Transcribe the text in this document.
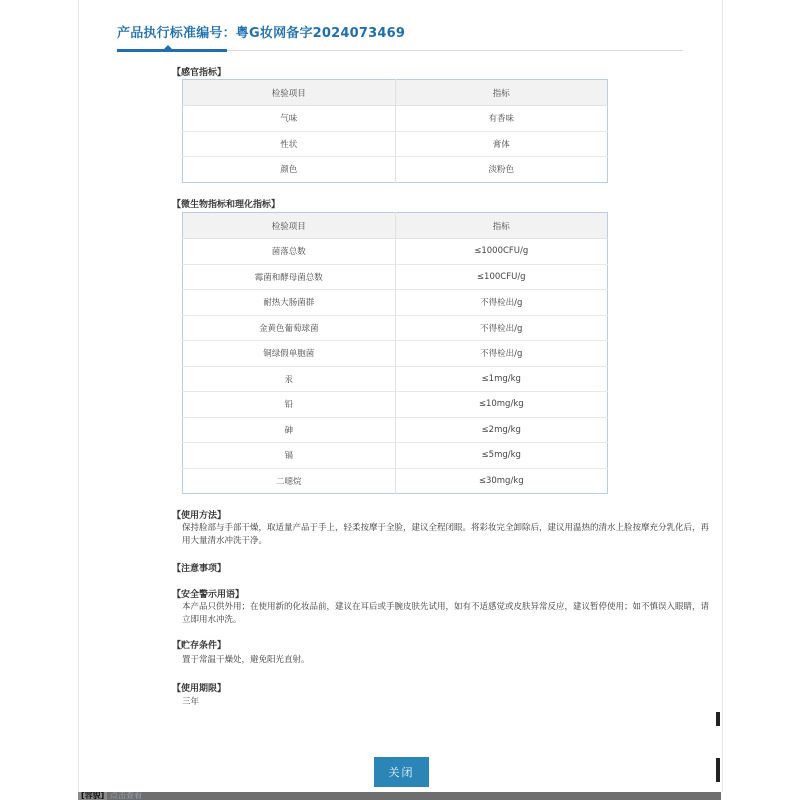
产品执行标准编号：粤G妆网备字2024073469
【感官指标】
检验项目	指标
气味	有香味
性状	膏体
颜色	淡粉色
【微生物指标和理化指标】
检验项目	指标
菌落总数	≤1000CFU/g
霉菌和酵母菌总数	≤100CFU/g
耐热大肠菌群	不得检出/g
金黄色葡萄球菌	不得检出/g
铜绿假单胞菌	不得检出/g
汞	≤1mg/kg
铅	≤10mg/kg
砷	≤2mg/kg
镉	≤5mg/kg
二噁烷	≤30mg/kg
【使用方法】
保持脸部与手部干燥，取适量产品于手上，轻柔按摩于全脸，建议全程闭眼。将彩妆完全卸除后，建议用温热的清水上脸按摩充分乳化后，再用大量清水冲洗干净。
【注意事项】
【安全警示用语】
本产品只供外用；在使用新的化妆品前，建议在耳后或手腕皮肤先试用，如有不适感觉或皮肤异常反应，建议暂停使用；如不慎误入眼睛，请立即用水冲洗。
【贮存条件】
置于常温干燥处，避免阳光直射。
【使用期限】
三年
关闭
[容貌] 点击查看
